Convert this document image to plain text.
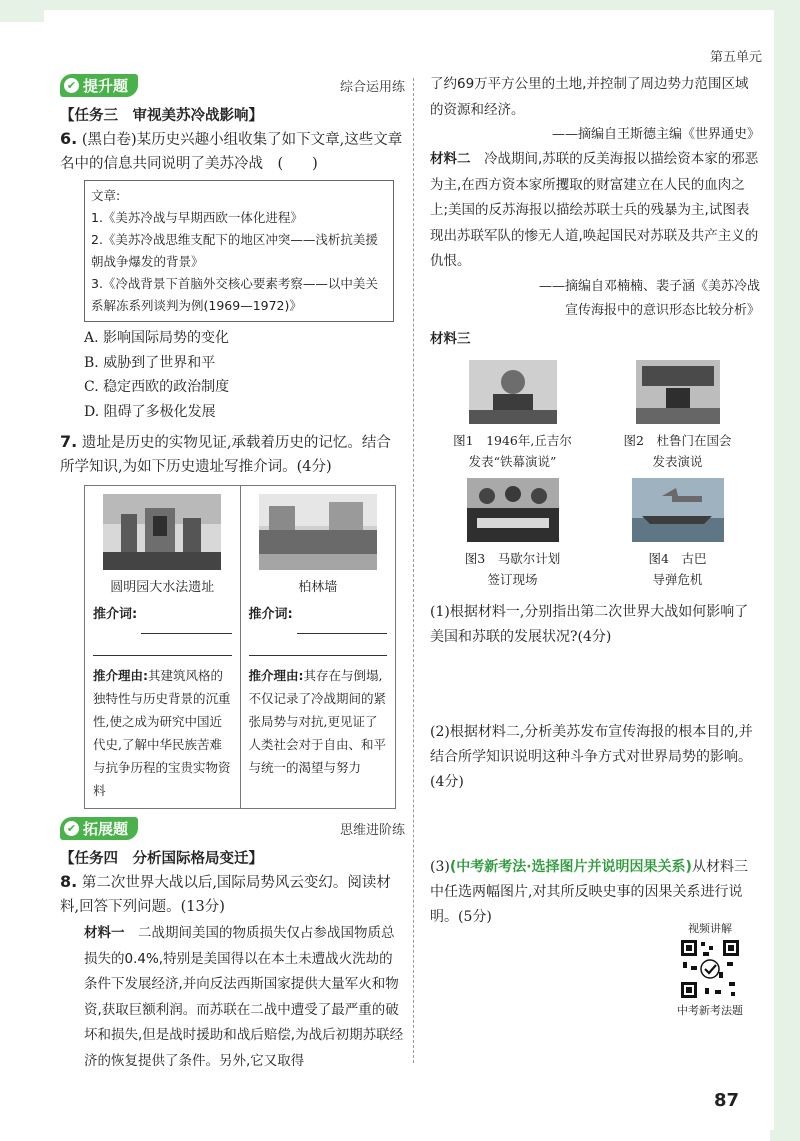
第五单元
✔ 提升题	综合运用练
【任务三　审视美苏冷战影响】
6. (黑白卷)某历史兴趣小组收集了如下文章,这些文章名中的信息共同说明了美苏冷战　(　　)
文章:
1.《美苏冷战与早期西欧一体化进程》
2.《美苏冷战思维支配下的地区冲突——浅析抗美援朝战争爆发的背景》
3.《冷战背景下首脑外交核心要素考察——以中美关系解冻系列谈判为例(1969—1972)》
A. 影响国际局势的变化
B. 威胁到了世界和平
C. 稳定西欧的政治制度
D. 阻碍了多极化发展
7. 遗址是历史的实物见证,承载着历史的记忆。结合所学知识,为如下历史遗址写推介词。(4分)
圆明园大水法遗址
推介词:
推介理由:其建筑风格的独特性与历史背景的沉重性,使之成为研究中国近代史,了解中华民族苦难与抗争历程的宝贵实物资料
柏林墙
推介词:
推介理由:其存在与倒塌,不仅记录了冷战期间的紧张局势与对抗,更见证了人类社会对于自由、和平与统一的渴望与努力
✔ 拓展题	思维进阶练
【任务四　分析国际格局变迁】
8. 第二次世界大战以后,国际局势风云变幻。阅读材料,回答下列问题。(13分)
材料一　 二战期间美国的物质损失仅占参战国物质总损失的0.4%,特别是美国得以在本土未遭战火洗劫的条件下发展经济,并向反法西斯国家提供大量军火和物资,获取巨额利润。而苏联在二战中遭受了最严重的破坏和损失,但是战时援助和战后赔偿,为战后初期苏联经济的恢复提供了条件。另外,它又取得
了约69万平方公里的土地,并控制了周边势力范围区域的资源和经济。
——摘编自王斯德主编《世界通史》
材料二　 冷战期间,苏联的反美海报以描绘资本家的邪恶为主,在西方资本家所攫取的财富建立在人民的血肉之上;美国的反苏海报以描绘苏联士兵的残暴为主,试图表现出苏联军队的惨无人道,唤起国民对苏联及共产主义的仇恨。
——摘编自邓楠楠、裴子涵《美苏冷战
宣传海报中的意识形态比较分析》
材料三
图1　1946年,丘吉尔
发表“铁幕演说”
图2　杜鲁门在国会
发表演说
图3　马歇尔计划
签订现场
图4　古巴
导弹危机
(1)根据材料一,分别指出第二次世界大战如何影响了美国和苏联的发展状况?(4分)
(2)根据材料二,分析美苏发布宣传海报的根本目的,并结合所学知识说明这种斗争方式对世界局势的影响。(4分)
(3)(中考新考法·选择图片并说明因果关系)从材料三中任选两幅图片,对其所反映史事的因果关系进行说明。(5分)
视频讲解
中考新考法题
87
